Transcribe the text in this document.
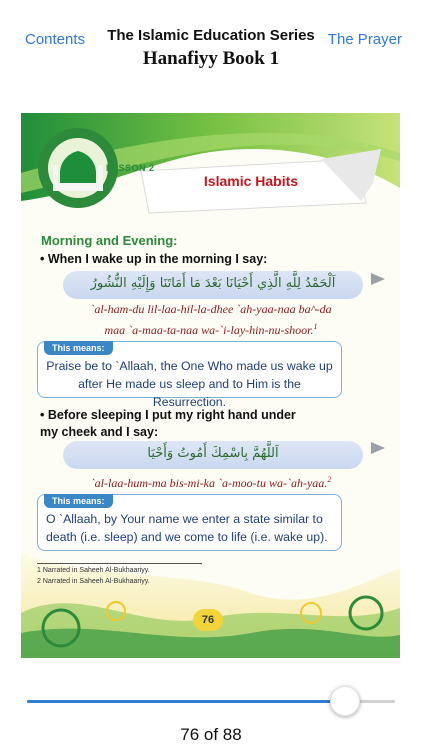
Contents	The Islamic Education Series
Hanafiyy Book 1
The Prayer
LESSON 2
Islamic Habits
Morning and Evening:
• When I wake up in the morning I say:
اَلْحَمْدُ لِلَّهِ الَّذِي أَحْيَانَا بَعْدَ مَا أَمَاتَنَا وَإِلَيْهِ النُّشُورُ
`al-ham-du lil-laa-hil-la-dhee `ah-yaa-naa ba^-da
maa `a-maa-ta-naa wa-`i-lay-hin-nu-shoor.$^1$
This means:
Praise be to `Allaah, the One Who made us wake up
after He made us sleep and to Him is the Resurrection.
• Before sleeping I put my right hand under
my cheek and I say:
اَللَّهُمَّ بِاسْمِكَ أَمُوتُ وَأَحْيَا
`al-laa-hum-ma bis-mi-ka `a-moo-tu wa-`ah-yaa.$^2$
This means:
O `Allaah, by Your name we enter a state similar to
death (i.e. sleep) and we come to life (i.e. wake up).
1 Narrated in Saheeh Al-Bukhaariyy.
2 Narrated in Saheeh Al-Bukhaariyy.
76
76 of 88
